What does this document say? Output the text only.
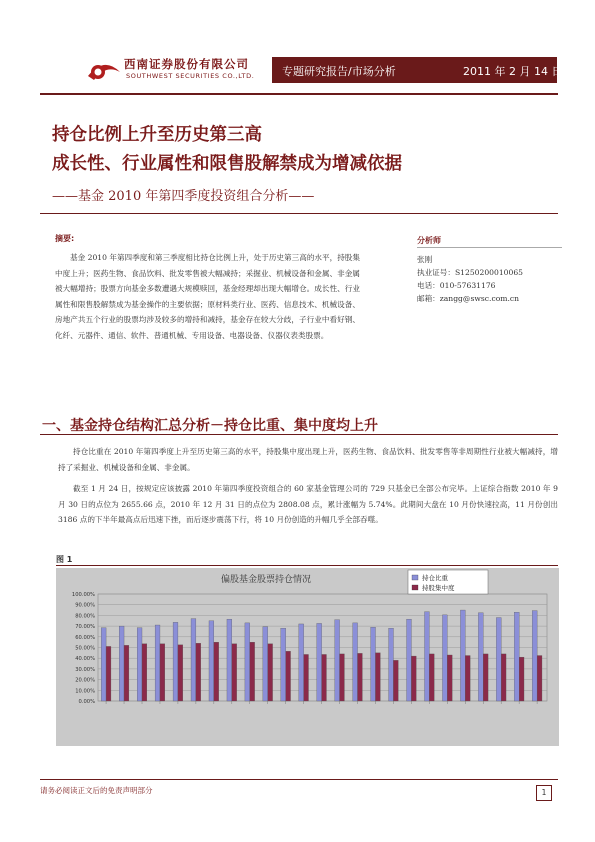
西南证券股份有限公司
SOUTHWEST SECURITIES CO.,LTD.	专题研究报告/市场分析	2011 年 2 月 14 日
持仓比例上升至历史第三高
成长性、行业属性和限售股解禁成为增减依据
——基金 2010 年第四季度投资组合分析——
摘要:
基金 2010 年第四季度和第三季度相比持仓比例上升，处于历史第三高的水平，持股集中度上升；医药生物、食品饮料、批发零售被大幅减持；采掘业、机械设备和金属、非金属被大幅增持；股票方向基金多数遭遇大规模赎回，基金经理却出现大幅增仓。成长性、行业属性和限售股解禁成为基金操作的主要依据；原材料类行业、医药、信息技术、机械设备、房地产共五个行业的股票均涉及较多的增持和减持，基金存在较大分歧，子行业中看好钢、化纤、元器件、通信、软件、普通机械、专用设备、电器设备、仪器仪表类股票。
分析师
张刚
执业证号：S1250200010065
电话：010-57631176
邮箱：zangg@swsc.com.cn
一、基金持仓结构汇总分析－持仓比重、集中度均上升
持仓比重在 2010 年第四季度上升至历史第三高的水平，持股集中度出现上升，医药生物、食品饮料、批发零售等非周期性行业被大幅减持，增持了采掘业、机械设备和金属、非金属。
截至 1 月 24 日，按规定应该披露 2010 年第四季度投资组合的 60 家基金管理公司的 729 只基金已全部公布完毕。上证综合指数 2010 年 9 月 30 日的点位为 2655.66 点，2010 年 12 月 31 日的点位为 2808.08 点，累计涨幅为 5.74%。此期间大盘在 10 月份快速拉高，11 月份创出 3186 点的下半年最高点后迅速下挫，而后逐步震荡下行，将 10 月份创造的升幅几乎全部吞噬。
图 1
0.00%
10.00%
20.00%
30.00%
40.00%
50.00%
60.00%
70.00%
80.00%
90.00%
100.00%
偏股基金股票持仓情况	持仓比重
持股集中度
请务必阅读正文后的免责声明部分	1
